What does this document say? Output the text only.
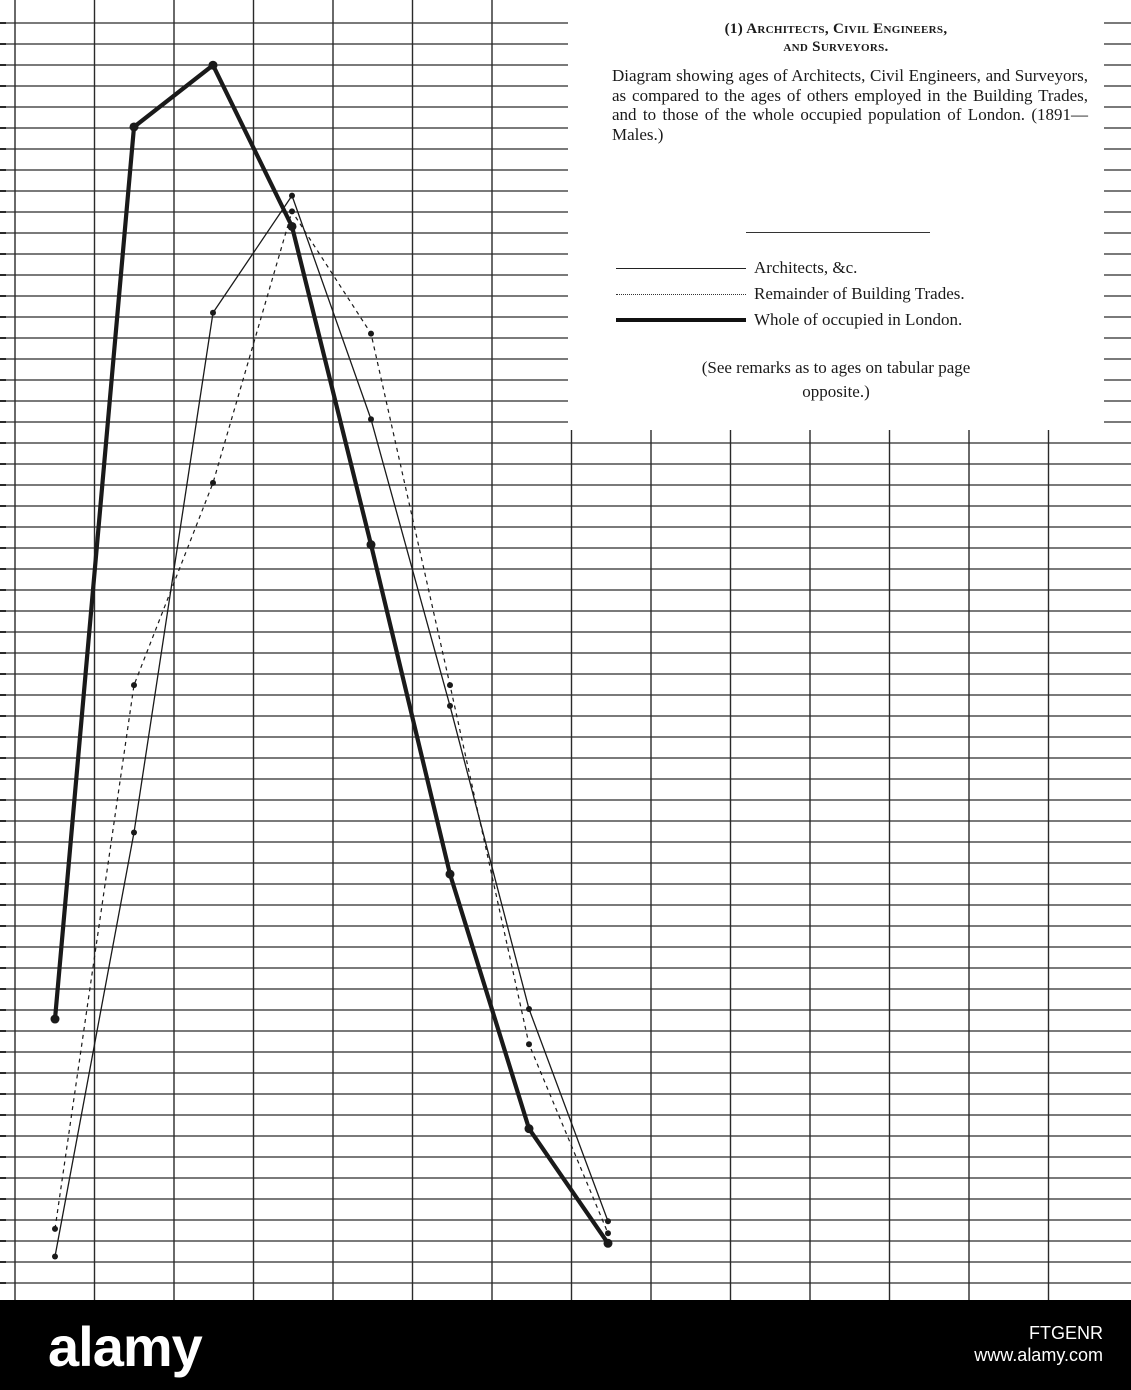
(1) Architects, Civil Engineers,
and Surveyors.
Diagram showing ages of Architects, Civil Engineers, and Surveyors, as compared to the ages of others employed in the Building Trades, and to those of the whole occupied population of London. (1891—Males.)
Architects, &c.
Remainder of Building Trades.
Whole of occupied in London.
(See remarks as to ages on tabular page
opposite.)
alamy	FTGENR
www.alamy.com
